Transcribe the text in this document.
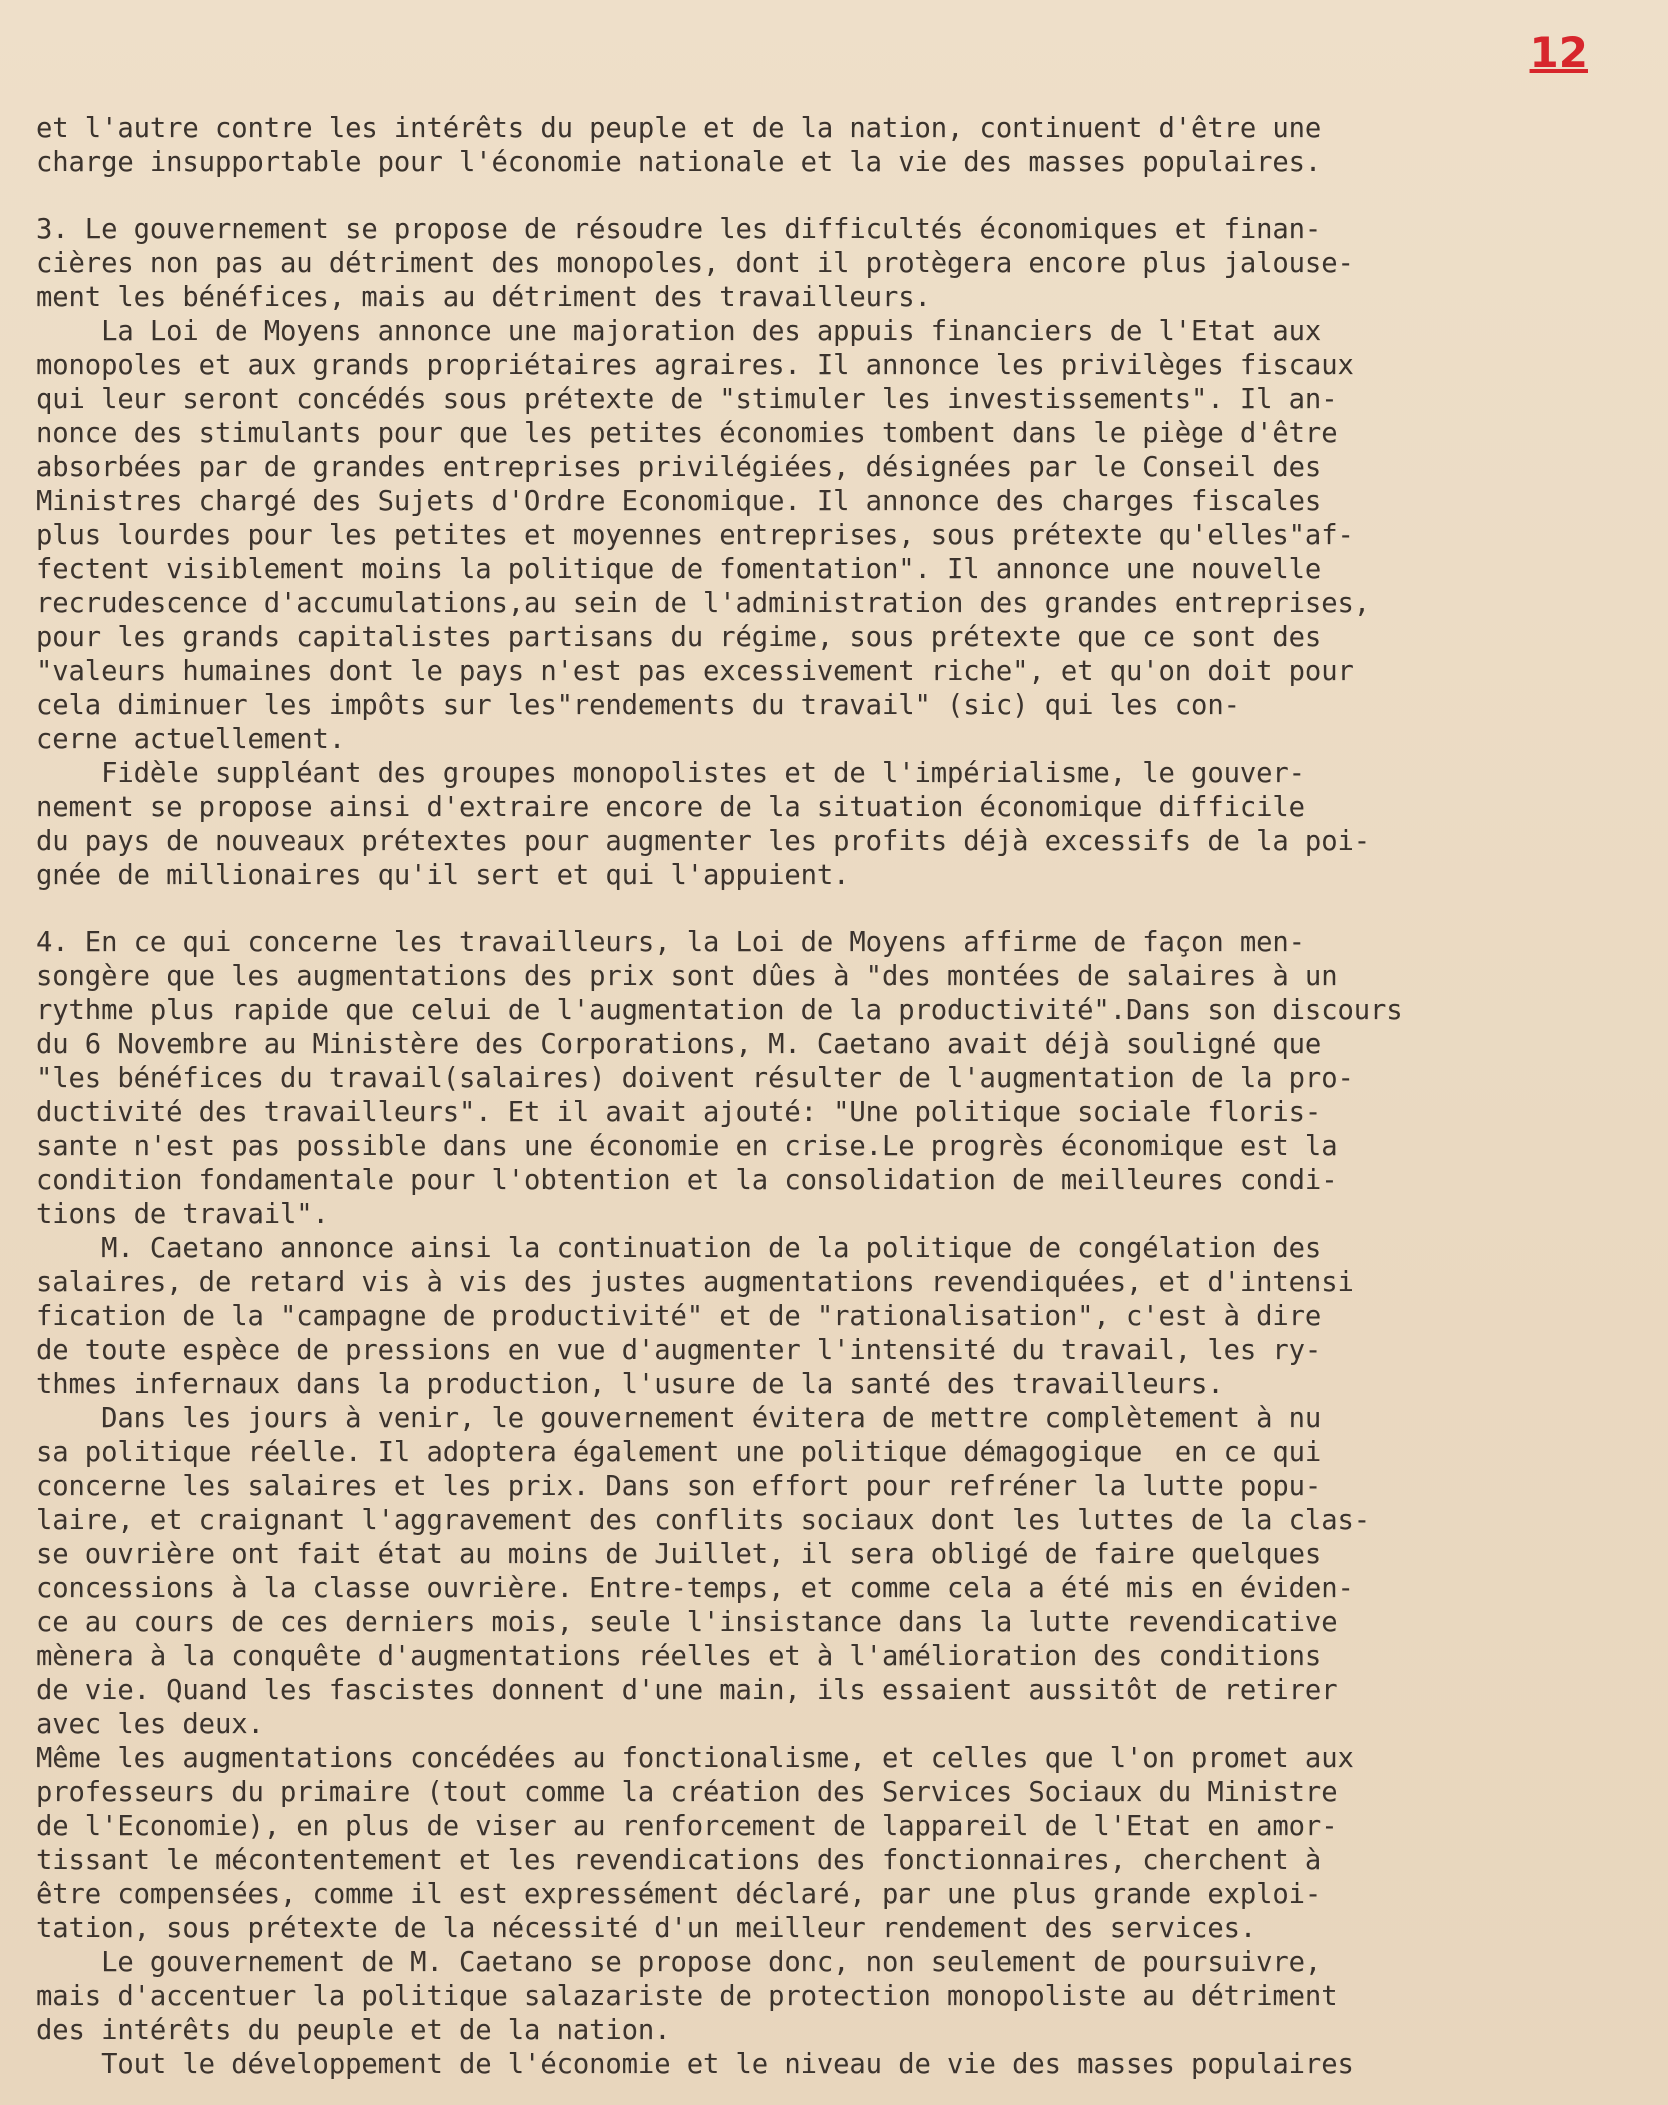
12
et l'autre contre les intérêts du peuple et de la nation, continuent d'être une
charge insupportable pour l'économie nationale et la vie des masses populaires.
3. Le gouvernement se propose de résoudre les difficultés économiques et finan-
cières non pas au détriment des monopoles, dont il protègera encore plus jalouse-
ment les bénéfices, mais au détriment des travailleurs.
La Loi de Moyens annonce une majoration des appuis financiers de l'Etat aux
monopoles et aux grands propriétaires agraires. Il annonce les privilèges fiscaux
qui leur seront concédés sous prétexte de "stimuler les investissements". Il an-
nonce des stimulants pour que les petites économies tombent dans le piège d'être
absorbées par de grandes entreprises privilégiées, désignées par le Conseil des
Ministres chargé des Sujets d'Ordre Economique. Il annonce des charges fiscales
plus lourdes pour les petites et moyennes entreprises, sous prétexte qu'elles"af-
fectent visiblement moins la politique de fomentation". Il annonce une nouvelle
recrudescence d'accumulations,au sein de l'administration des grandes entreprises,
pour les grands capitalistes partisans du régime, sous prétexte que ce sont des
"valeurs humaines dont le pays n'est pas excessivement riche", et qu'on doit pour
cela diminuer les impôts sur les"rendements du travail" (sic) qui les con-
cerne actuellement.
Fidèle suppléant des groupes monopolistes et de l'impérialisme, le gouver-
nement se propose ainsi d'extraire encore de la situation économique difficile
du pays de nouveaux prétextes pour augmenter les profits déjà excessifs de la poi-
gnée de millionaires qu'il sert et qui l'appuient.
4. En ce qui concerne les travailleurs, la Loi de Moyens affirme de façon men-
songère que les augmentations des prix sont dûes à "des montées de salaires à un
rythme plus rapide que celui de l'augmentation de la productivité".Dans son discours
du 6 Novembre au Ministère des Corporations, M. Caetano avait déjà souligné que
"les bénéfices du travail(salaires) doivent résulter de l'augmentation de la pro-
ductivité des travailleurs". Et il avait ajouté: "Une politique sociale floris-
sante n'est pas possible dans une économie en crise.Le progrès économique est la
condition fondamentale pour l'obtention et la consolidation de meilleures condi-
tions de travail".
M. Caetano annonce ainsi la continuation de la politique de congélation des
salaires, de retard vis à vis des justes augmentations revendiquées, et d'intensi
fication de la "campagne de productivité" et de "rationalisation", c'est à dire
de toute espèce de pressions en vue d'augmenter l'intensité du travail, les ry-
thmes infernaux dans la production, l'usure de la santé des travailleurs.
Dans les jours à venir, le gouvernement évitera de mettre complètement à nu
sa politique réelle. Il adoptera également une politique démagogique  en ce qui
concerne les salaires et les prix. Dans son effort pour refréner la lutte popu-
laire, et craignant l'aggravement des conflits sociaux dont les luttes de la clas-
se ouvrière ont fait état au moins de Juillet, il sera obligé de faire quelques
concessions à la classe ouvrière. Entre-temps, et comme cela a été mis en éviden-
ce au cours de ces derniers mois, seule l'insistance dans la lutte revendicative
mènera à la conquête d'augmentations réelles et à l'amélioration des conditions
de vie. Quand les fascistes donnent d'une main, ils essaient aussitôt de retirer
avec les deux.
Même les augmentations concédées au fonctionalisme, et celles que l'on promet aux
professeurs du primaire (tout comme la création des Services Sociaux du Ministre
de l'Economie), en plus de viser au renforcement de lappareil de l'Etat en amor-
tissant le mécontentement et les revendications des fonctionnaires, cherchent à
être compensées, comme il est expressément déclaré, par une plus grande exploi-
tation, sous prétexte de la nécessité d'un meilleur rendement des services.
Le gouvernement de M. Caetano se propose donc, non seulement de poursuivre,
mais d'accentuer la politique salazariste de protection monopoliste au détriment
des intérêts du peuple et de la nation.
Tout le développement de l'économie et le niveau de vie des masses populaires
